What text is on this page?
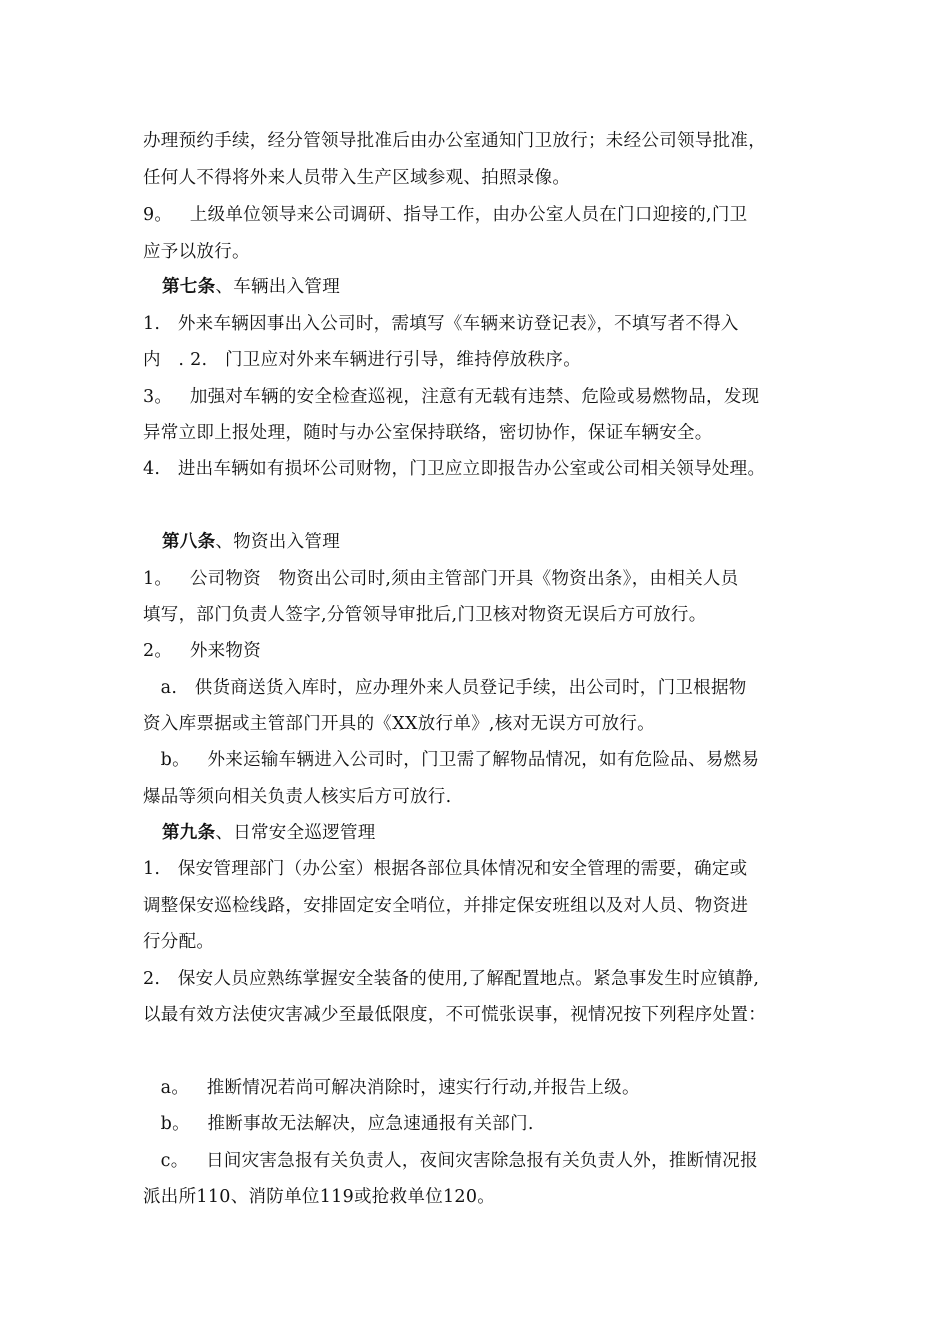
办理预约手续，经分管领导批准后由办公室通知门卫放行；未经公司领导批准，
任何人不得将外来人员带入生产区域参观、拍照录像。
9。   上级单位领导来公司调研、指导工作，由办公室人员在门口迎接的,门卫
应予以放行。
第七条、车辆出入管理
1.   外来车辆因事出入公司时，需填写《车辆来访登记表》，不填写者不得入
内   . 2.   门卫应对外来车辆进行引导，维持停放秩序。
3。   加强对车辆的安全检查巡视，注意有无载有违禁、危险或易燃物品，发现
异常立即上报处理，随时与办公室保持联络，密切协作，保证车辆安全。
4.   进出车辆如有损坏公司财物，门卫应立即报告办公室或公司相关领导处理。
第八条、物资出入管理
1。   公司物资   物资出公司时,须由主管部门开具《物资出条》，由相关人员
填写，部门负责人签字,分管领导审批后,门卫核对物资无误后方可放行。
2。   外来物资
a.   供货商送货入库时，应办理外来人员登记手续，出公司时，门卫根据物
资入库票据或主管部门开具的《XX放行单》,核对无误方可放行。
b。   外来运输车辆进入公司时，门卫需了解物品情况，如有危险品、易燃易
爆品等须向相关负责人核实后方可放行.
第九条、日常安全巡逻管理
1.   保安管理部门（办公室）根据各部位具体情况和安全管理的需要，确定或
调整保安巡检线路，安排固定安全哨位，并排定保安班组以及对人员、物资进
行分配。
2.   保安人员应熟练掌握安全装备的使用,了解配置地点。紧急事发生时应镇静,
以最有效方法使灾害减少至最低限度，不可慌张误事，视情况按下列程序处置：
a。   推断情况若尚可解决消除时，速实行行动,并报告上级。
b。   推断事故无法解决，应急速通报有关部门.
c。   日间灾害急报有关负责人，夜间灾害除急报有关负责人外，推断情况报
派出所110、消防单位119或抢救单位120。
